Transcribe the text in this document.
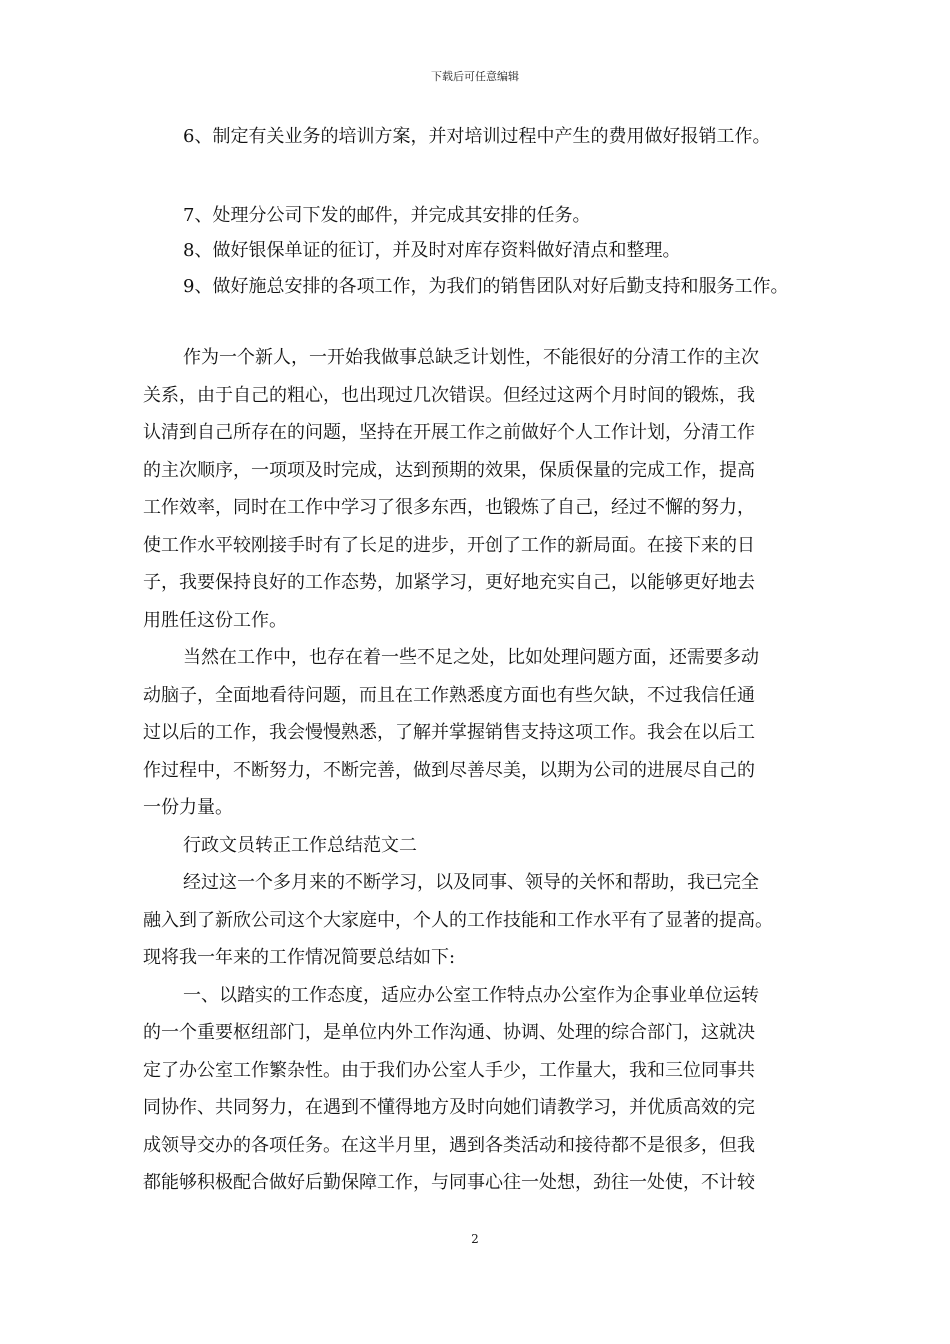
下载后可任意编辑
6、制定有关业务的培训方案，并对培训过程中产生的费用做好报销工作。
7、处理分公司下发的邮件，并完成其安排的任务。
8、做好银保单证的征订，并及时对库存资料做好清点和整理。
9、做好施总安排的各项工作，为我们的销售团队对好后勤支持和服务工作。
作为一个新人，一开始我做事总缺乏计划性，不能很好的分清工作的主次
关系，由于自己的粗心，也出现过几次错误。但经过这两个月时间的锻炼，我
认清到自己所存在的问题，坚持在开展工作之前做好个人工作计划，分清工作
的主次顺序，一项项及时完成，达到预期的效果，保质保量的完成工作，提高
工作效率，同时在工作中学习了很多东西，也锻炼了自己，经过不懈的努力，
使工作水平较刚接手时有了长足的进步，开创了工作的新局面。在接下来的日
子，我要保持良好的工作态势，加紧学习，更好地充实自己，以能够更好地去
用胜任这份工作。
当然在工作中，也存在着一些不足之处，比如处理问题方面，还需要多动
动脑子，全面地看待问题，而且在工作熟悉度方面也有些欠缺，不过我信任通
过以后的工作，我会慢慢熟悉，了解并掌握销售支持这项工作。我会在以后工
作过程中，不断努力，不断完善，做到尽善尽美，以期为公司的进展尽自己的
一份力量。
行政文员转正工作总结范文二
经过这一个多月来的不断学习，以及同事、领导的关怀和帮助，我已完全
融入到了新欣公司这个大家庭中，个人的工作技能和工作水平有了显著的提高。
现将我一年来的工作情况简要总结如下:
一、以踏实的工作态度，适应办公室工作特点办公室作为企事业单位运转
的一个重要枢纽部门，是单位内外工作沟通、协调、处理的综合部门，这就决
定了办公室工作繁杂性。由于我们办公室人手少，工作量大，我和三位同事共
同协作、共同努力，在遇到不懂得地方及时向她们请教学习，并优质高效的完
成领导交办的各项任务。在这半月里，遇到各类活动和接待都不是很多，但我
都能够积极配合做好后勤保障工作，与同事心往一处想，劲往一处使，不计较
2
